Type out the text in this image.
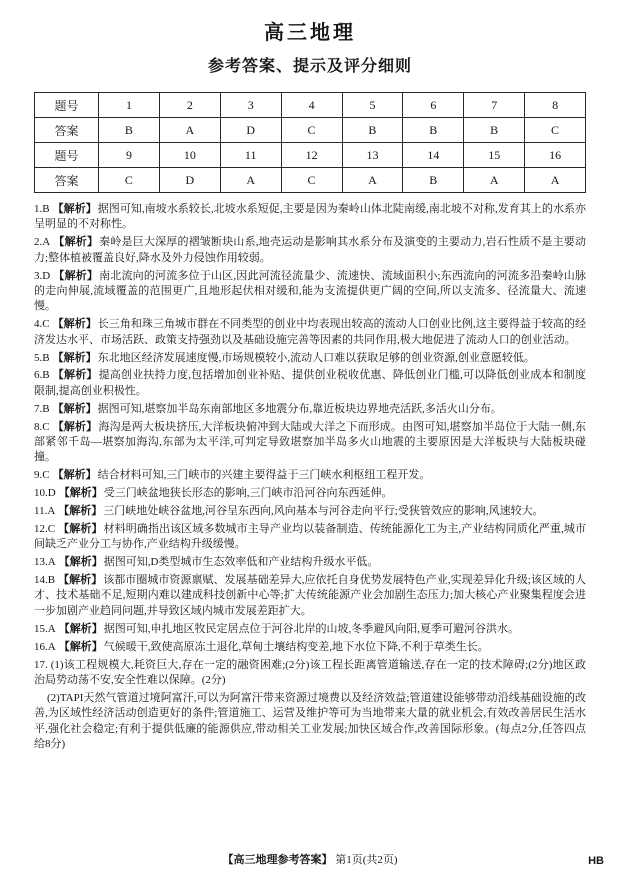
高三地理
参考答案、提示及评分细则
题号	1	2	3	4	5	6	7	8
答案	B	A	D	C	B	B	B	C
题号	9	10	11	12	13	14	15	16
答案	C	D	A	C	A	B	A	A

1.B 【解析】据图可知,南坡水系较长,北坡水系短促,主要是因为秦岭山体北陡南缓,南北坡不对称,发育其上的水系亦呈明显的不对称性。

2.A 【解析】秦岭是巨大深厚的褶皱断块山系,地壳运动是影响其水系分布及演变的主要动力,岩石性质不是主要动力;整体植被覆盖良好,降水及外力侵蚀作用较弱。

3.D 【解析】南北流向的河流多位于山区,因此河流径流量少、流速快、流域面积小;东西流向的河流多沿秦岭山脉的走向伸展,流域覆盖的范围更广,且地形起伏相对缓和,能为支流提供更广阔的空间,所以支流多、径流量大、流速慢。

4.C 【解析】长三角和珠三角城市群在不同类型的创业中均表现出较高的流动人口创业比例,这主要得益于较高的经济发达水平、市场活跃、政策支持强劲以及基础设施完善等因素的共同作用,极大地促进了流动人口的创业活动。

5.B 【解析】东北地区经济发展速度慢,市场规模较小,流动人口难以获取足够的创业资源,创业意愿较低。

6.B 【解析】提高创业扶持力度,包括增加创业补贴、提供创业税收优惠、降低创业门槛,可以降低创业成本和制度限制,提高创业积极性。

7.B 【解析】据图可知,堪察加半岛东南部地区多地震分布,靠近板块边界地壳活跃,多活火山分布。

8.C 【解析】海沟是两大板块挤压,大洋板块俯冲到大陆或大洋之下而形成。由图可知,堪察加半岛位于大陆一侧,东部紧邻千岛—堪察加海沟,东部为太平洋,可判定导致堪察加半岛多火山地震的主要原因是大洋板块与大陆板块碰撞。

9.C 【解析】结合材料可知,三门峡市的兴建主要得益于三门峡水利枢纽工程开发。

10.D 【解析】受三门峡盆地狭长形态的影响,三门峡市沿河谷向东西延伸。

11.A 【解析】三门峡地处峡谷盆地,河谷呈东西向,风向基本与河谷走向平行;受狭管效应的影响,风速较大。

12.C 【解析】材料明确指出该区域多数城市主导产业均以装备制造、传统能源化工为主,产业结构同质化严重,城市间缺乏产业分工与协作,产业结构升级缓慢。

13.A 【解析】据图可知,D类型城市生态效率低和产业结构升级水平低。

14.B 【解析】该都市圈城市资源禀赋、发展基础差异大,应依托自身优势发展特色产业,实现差异化升级;该区域的人才、技术基础不足,短期内难以建成科技创新中心等;扩大传统能源产业会加剧生态压力;加大核心产业聚集程度会进一步加剧产业趋同问题,并导致区域内城市发展差距扩大。

15.A 【解析】据图可知,申扎地区牧民定居点位于河谷北岸的山坡,冬季避风向阳,夏季可避河谷洪水。

16.A 【解析】气候暖干,致使高原冻土退化,草甸土壤结构变差,地下水位下降,不利于草类生长。

17. (1)该工程规模大,耗资巨大,存在一定的融资困难;(2分)该工程长距离管道输送,存在一定的技术障碍;(2分)地区政治局势动荡不安,安全性难以保障。(2分)

(2)TAPI天然气管道过境阿富汗,可以为阿富汗带来资源过境费以及经济效益;管道建设能够带动沿线基础设施的改善,为区域性经济活动创造更好的条件;管道施工、运营及维护等可为当地带来大量的就业机会,有效改善居民生活水平,强化社会稳定;有利于提供低廉的能源供应,带动相关工业发展;加快区域合作,改善国际形象。(每点2分,任答四点给8分)

【高三地理参考答案】 第1页(共2页)	HB
